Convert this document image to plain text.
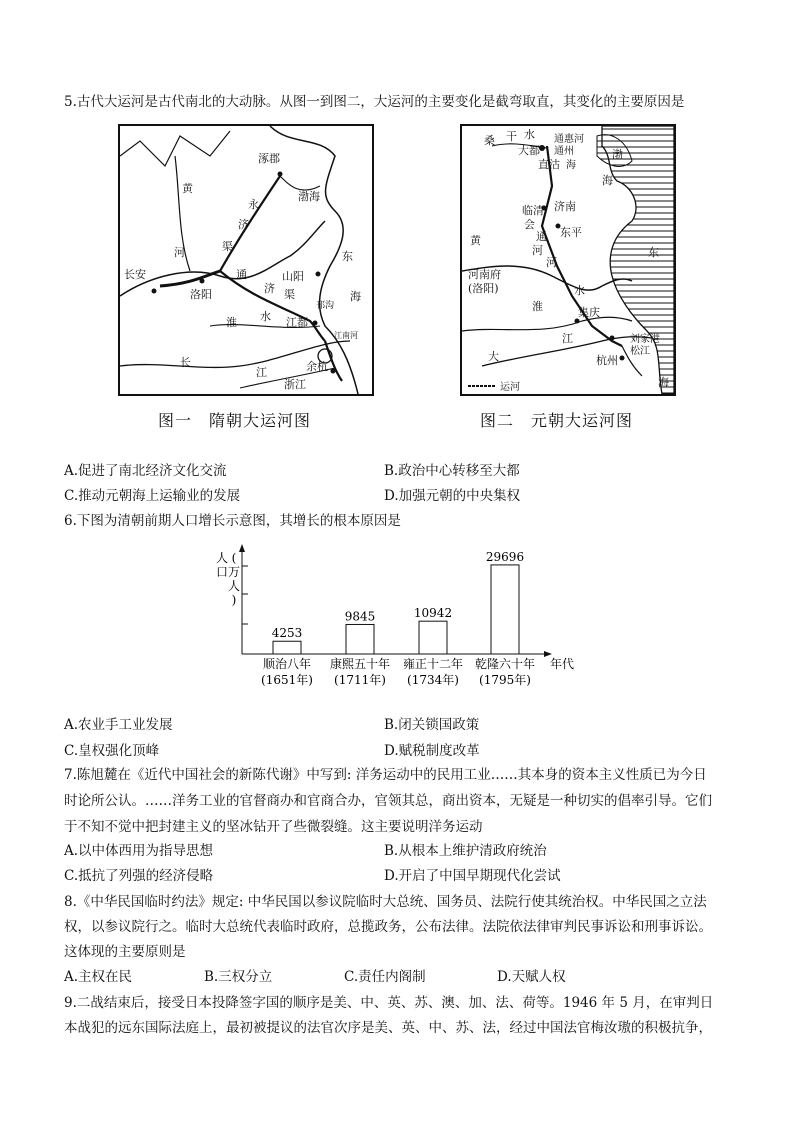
5.古代大运河是古代南北的大动脉。从图一到图二，大运河的主要变化是截弯取直，其变化的主要原因是
涿郡
黄
永
渤海
济
东
河	渠
长安	通	山阳
洛阳	济 渠	海
淮 水
邗沟
江都
江南河
长	余杭
江
浙江
图一　隋朝大运河图
桑 干 水 通惠河
大都 通州	渤
直沽 海
海
济南
临清
会
通 东平
东
黄
河
河
河南府
(洛阳)
淮
水
集庆
江	刘家港
杭州
松江
大
海
运河
图二　元朝大运河图
A.促进了南北经济文化交流	B.政治中心转移至大都
C.推动元朝海上运输业的发展	D.加强元朝的中央集权
6.下图为清朝前期人口增长示意图，其增长的根本原因是
人
口
(
万
人
)
年代
4253
顺治八年
(1651年)
9845
康熙五十年
(1711年)
10942
雍正十二年
(1734年)
29696
乾隆六十年
(1795年)
A.农业手工业发展	B.闭关锁国政策
C.皇权强化顶峰	D.赋税制度改革
7.陈旭麓在《近代中国社会的新陈代谢》中写到: 洋务运动中的民用工业……其本身的资本主义性质已为今日
时论所公认。……洋务工业的官督商办和官商合办，官领其总，商出资本，无疑是一种切实的倡率引导。它们
于不知不觉中把封建主义的坚冰钻开了些微裂缝。这主要说明洋务运动
A.以中体西用为指导思想	B.从根本上维护清政府统治
C.抵抗了列强的经济侵略	D.开启了中国早期现代化尝试
8.《中华民国临时约法》规定: 中华民国以参议院临时大总统、国务员、法院行使其统治权。中华民国之立法
权，以参议院行之。临时大总统代表临时政府，总揽政务，公布法律。法院依法律审判民事诉讼和刑事诉讼。
这体现的主要原则是
A.主权在民	B.三权分立	C.责任内阁制	D.天赋人权
9.二战结束后，接受日本投降签字国的顺序是美、中、英、苏、澳、加、法、荷等。1946 年 5 月，在审判日
本战犯的远东国际法庭上，最初被提议的法官次序是美、英、中、苏、法，经过中国法官梅汝璈的积极抗争，
